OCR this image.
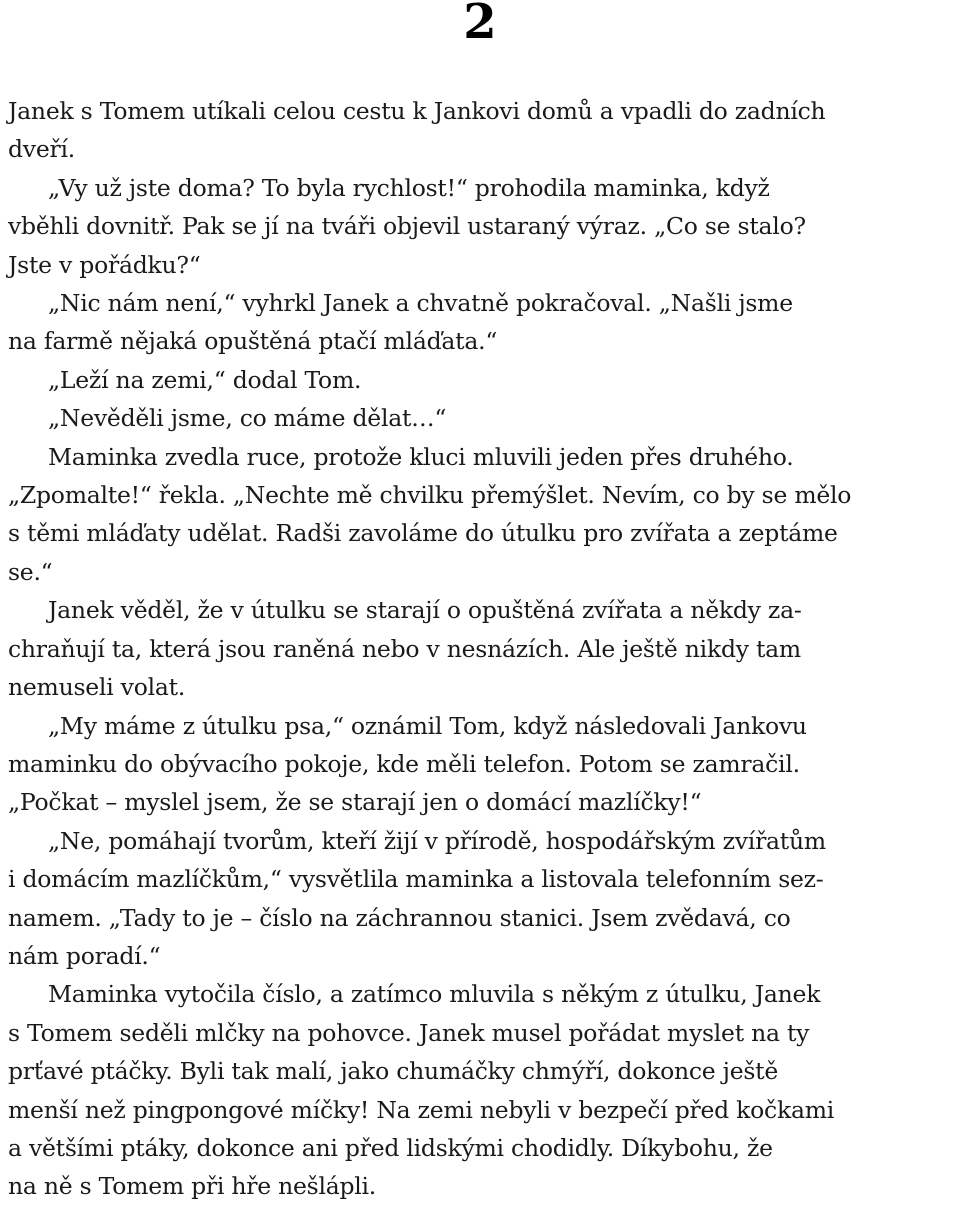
2
Janek s Tomem utíkali celou cestu k Jankovi domů a vpadli do zadních
dveří.
„Vy už jste doma? To byla rychlost!“ prohodila maminka, když
vběhli dovnitř. Pak se jí na tváři objevil ustaraný výraz. „Co se stalo?
Jste v pořádku?“
„Nic nám není,“ vyhrkl Janek a chvatně pokračoval. „Našli jsme
na farmě nějaká opuštěná ptačí mláďata.“
„Leží na zemi,“ dodal Tom.
„Nevěděli jsme, co máme dělat…“
Maminka zvedla ruce, protože kluci mluvili jeden přes druhého.
„Zpomalte!“ řekla. „Nechte mě chvilku přemýšlet. Nevím, co by se mělo
s těmi mláďaty udělat. Radši zavoláme do útulku pro zvířata a zeptáme
se.“
Janek věděl, že v útulku se starají o opuštěná zvířata a někdy za-
chraňují ta, která jsou raněná nebo v nesnázích. Ale ještě nikdy tam
nemuseli volat.
„My máme z útulku psa,“ oznámil Tom, když následovali Jankovu
maminku do obývacího pokoje, kde měli telefon. Potom se zamračil.
„Počkat – myslel jsem, že se starají jen o domácí mazlíčky!“
„Ne, pomáhají tvorům, kteří žijí v přírodě, hospodářským zvířatům
i domácím mazlíčkům,“ vysvětlila maminka a listovala telefonním sez-
namem. „Tady to je – číslo na záchrannou stanici. Jsem zvědavá, co
nám poradí.“
Maminka vytočila číslo, a zatímco mluvila s někým z útulku, Janek
s Tomem seděli mlčky na pohovce. Janek musel pořádat myslet na ty
prťavé ptáčky. Byli tak malí, jako chumáčky chmýří, dokonce ještě
menší než pingpongové míčky! Na zemi nebyli v bezpečí před kočkami
a většími ptáky, dokonce ani před lidskými chodidly. Díkybohu, že
na ně s Tomem při hře nešlápli.
